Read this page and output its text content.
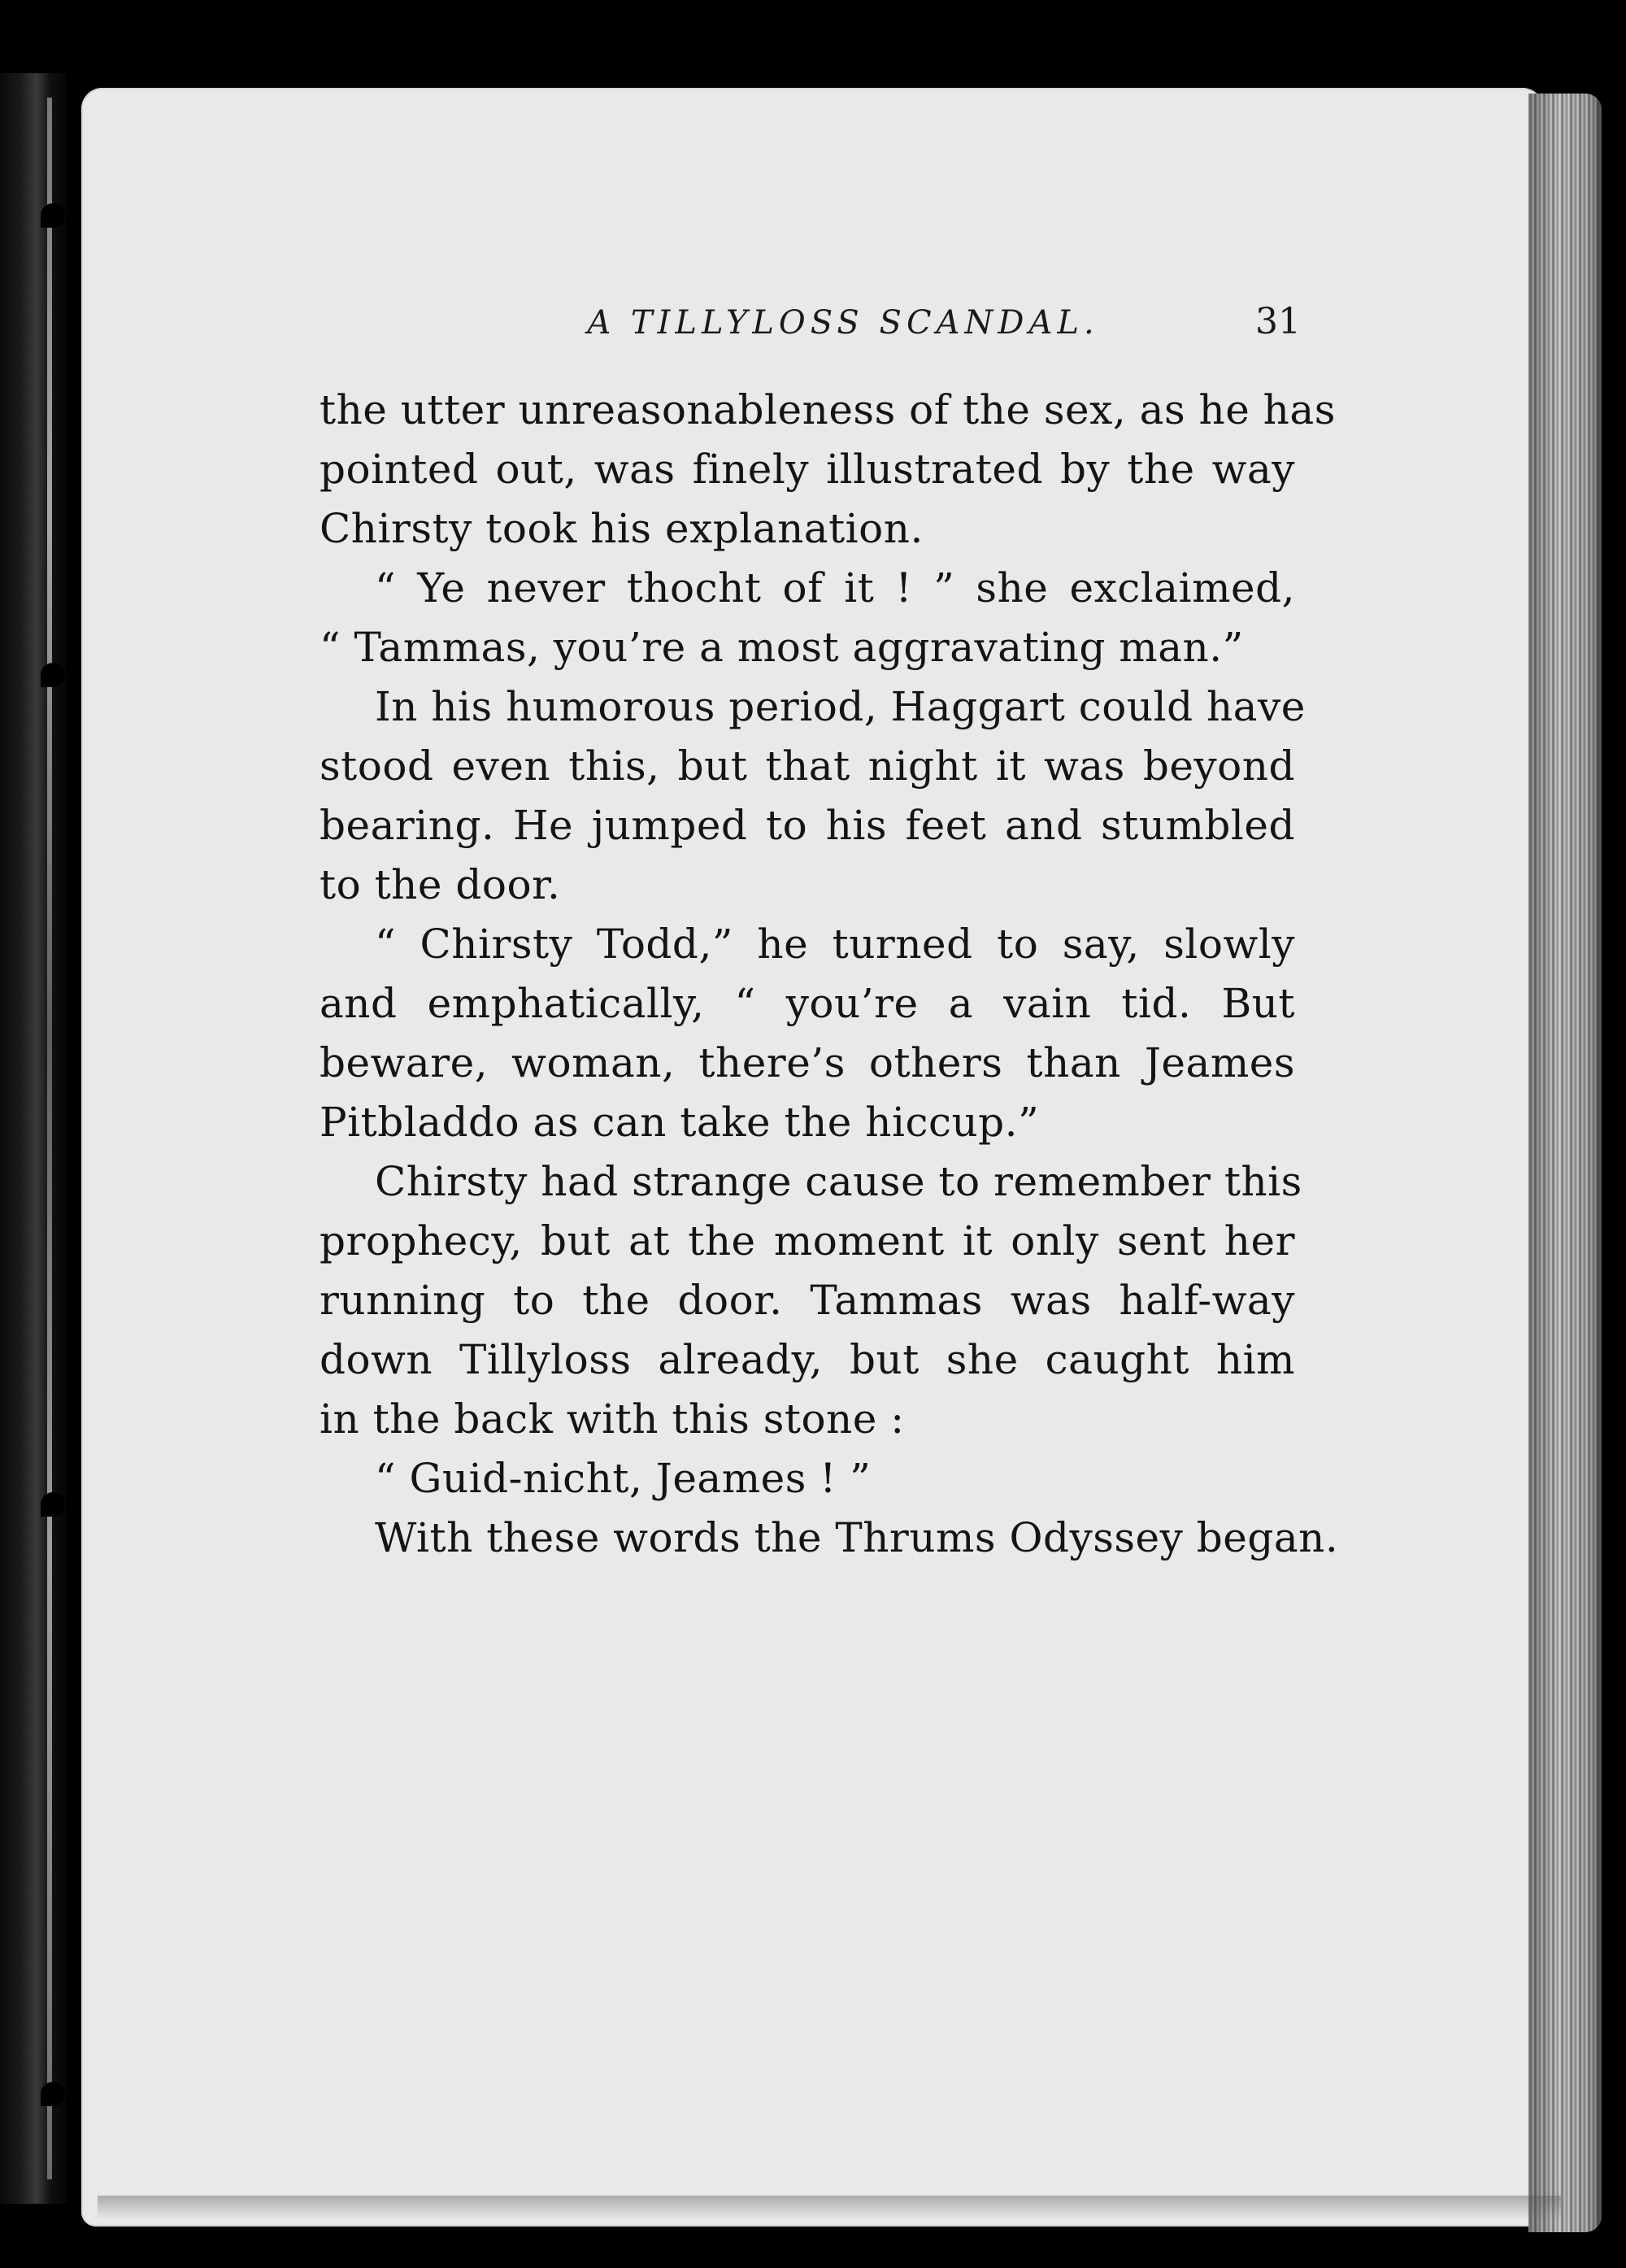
A TILLYLOSS SCANDAL.	31
the utter unreasonableness of the sex, as he has
pointed out, was finely illustrated by the way
Chirsty took his explanation.
“ Ye never thocht of it ! ” she exclaimed,
“ Tammas, you’re a most aggravating man.”
In his humorous period, Haggart could have
stood even this, but that night it was beyond
bearing. He jumped to his feet and stumbled
to the door.
“ Chirsty Todd,” he turned to say, slowly
and emphatically, “ you’re a vain tid. But
beware, woman, there’s others than Jeames
Pitbladdo as can take the hiccup.”
Chirsty had strange cause to remember this
prophecy, but at the moment it only sent her
running to the door. Tammas was half-way
down Tillyloss already, but she caught him
in the back with this stone :
“ Guid-nicht, Jeames ! ”
With these words the Thrums Odyssey began.
